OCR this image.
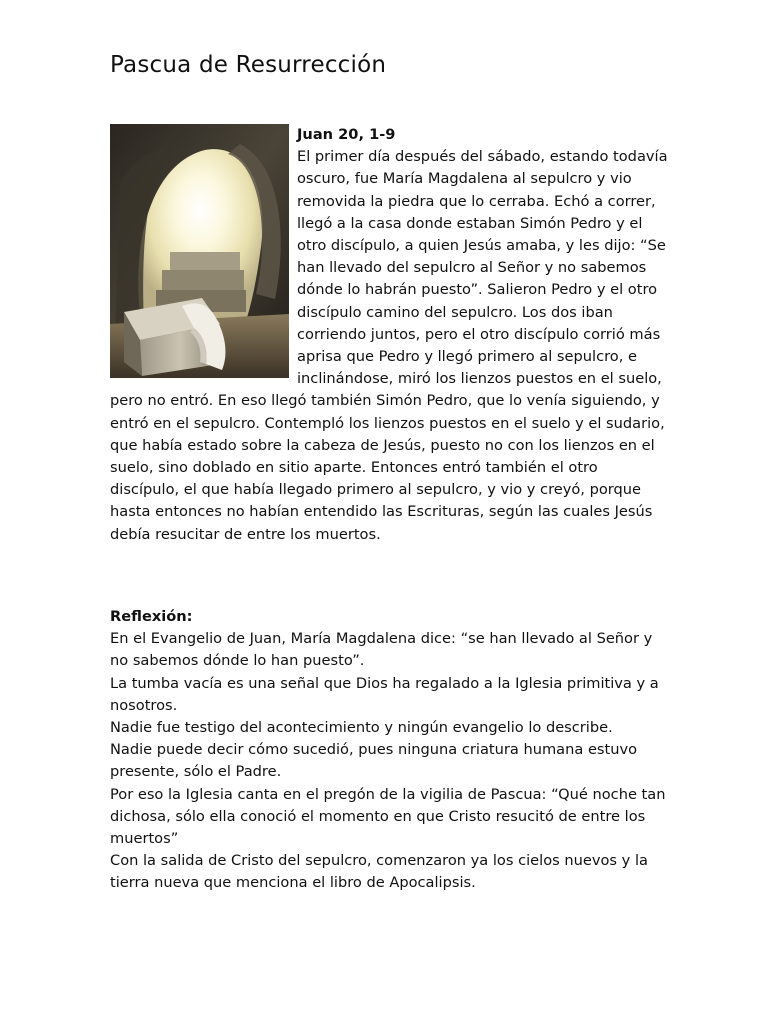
Pascua de Resurrección
Juan 20, 1-9
El primer día después del sábado, estando todavía oscuro, fue María Magdalena al sepulcro y vio removida la piedra que lo cerraba. Echó a correr, llegó a la casa donde estaban Simón Pedro y el otro discípulo, a quien Jesús amaba, y les dijo: “Se han llevado del sepulcro al Señor y no sabemos dónde lo habrán puesto”. Salieron Pedro y el otro discípulo camino del sepulcro. Los dos iban corriendo juntos, pero el otro discípulo corrió más aprisa que Pedro y llegó primero al sepulcro, e inclinándose, miró los lienzos puestos en el suelo, pero no entró. En eso llegó también Simón Pedro, que lo venía siguiendo, y entró en el sepulcro. Contempló los lienzos puestos en el suelo y el sudario, que había estado sobre la cabeza de Jesús, puesto no con los lienzos en el suelo, sino doblado en sitio aparte. Entonces entró también el otro discípulo, el que había llegado primero al sepulcro, y vio y creyó, porque hasta entonces no habían entendido las Escrituras, según las cuales Jesús debía resucitar de entre los muertos.
Reflexión:

En el Evangelio de Juan, María Magdalena dice: “se han llevado al Señor y no sabemos dónde lo han puesto”.

La tumba vacía es una señal que Dios ha regalado a la Iglesia primitiva y a nosotros.

Nadie fue testigo del acontecimiento y ningún evangelio lo describe.

Nadie puede decir cómo sucedió, pues ninguna criatura humana estuvo presente, sólo el Padre.

Por eso la Iglesia canta en el pregón de la vigilia de Pascua: “Qué noche tan dichosa, sólo ella conoció el momento en que Cristo resucitó de entre los muertos”

Con la salida de Cristo del sepulcro, comenzaron ya los cielos nuevos y la tierra nueva que menciona el libro de Apocalipsis.
